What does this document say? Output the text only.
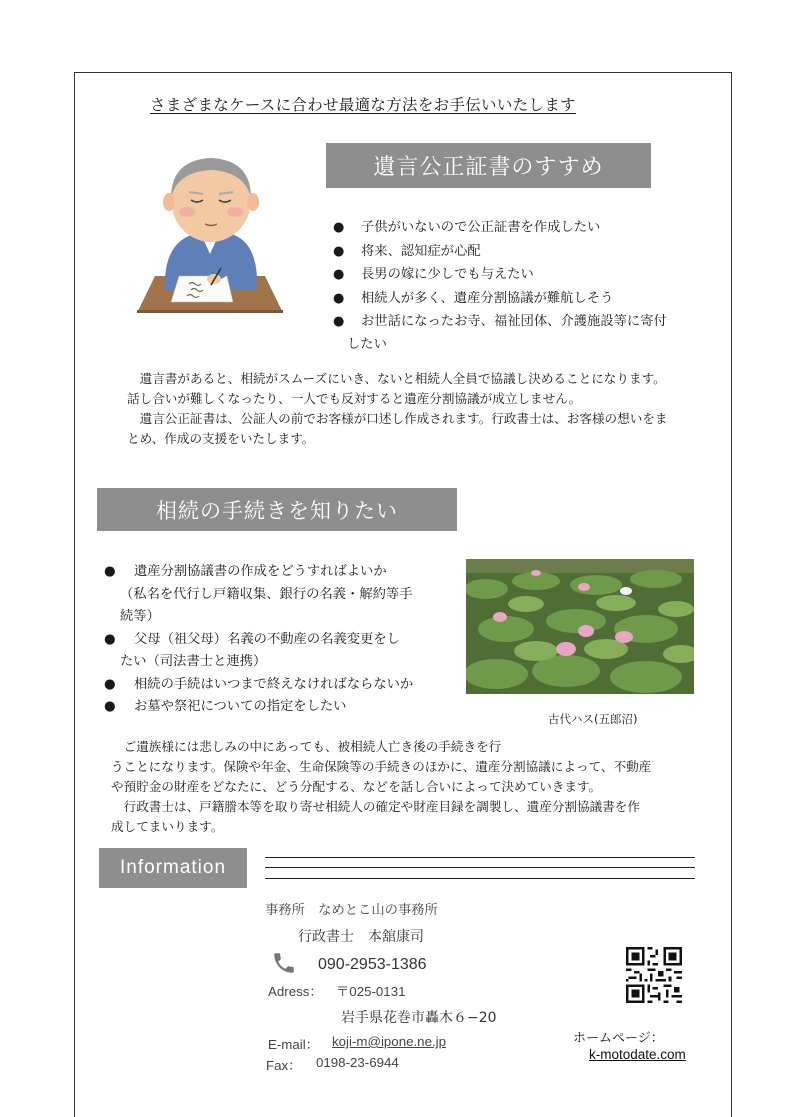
さまざまなケースに合わせ最適な方法をお手伝いいたします
遺言公正証書のすすめ
●	子供がいないので公正証書を作成したい
●	将来、認知症が心配
●	長男の嫁に少しでも与えたい
●	相続人が多く、遺産分割協議が難航しそう
●	お世話になったお寺、福祉団体、介護施設等に寄付
したい
　遺言書があると、相続がスムーズにいき、ないと相続人全員で協議し決めることになります。
話し合いが難しくなったり、一人でも反対すると遺産分割協議が成立しません。
　遺言公正証書は、公証人の前でお客様が口述し作成されます。行政書士は、お客様の想いをま
とめ、作成の支援をいたします。
相続の手続きを知りたい
●	遺産分割協議書の作成をどうすればよいか
（私名を代行し戸籍収集、銀行の名義・解約等手
続等）
●	父母（祖父母）名義の不動産の名義変更をし
たい（司法書士と連携）
●	相続の手続はいつまで終えなければならないか
●	お墓や祭祀についての指定をしたい
古代ハス(五郎沼)
　ご遺族様には悲しみの中にあっても、被相続人亡き後の手続きを行
うことになります。保険や年金、生命保険等の手続きのほかに、遺産分割協議によって、不動産
や預貯金の財産をどなたに、どう分配する、などを話し合いによって決めていきます。
　行政書士は、戸籍謄本等を取り寄せ相続人の確定や財産目録を調製し、遺産分割協議書を作
成してまいります。
Information
事務所　なめとこ山の事務所
行政書士　本舘康司
090-2953-1386
Adress： 〒025-0131
岩手県花巻市轟木６−20
E-mail： koji-m@ipone.ne.jp
Fax： 0198-23-6944
ホームページ：
k-motodate.com
